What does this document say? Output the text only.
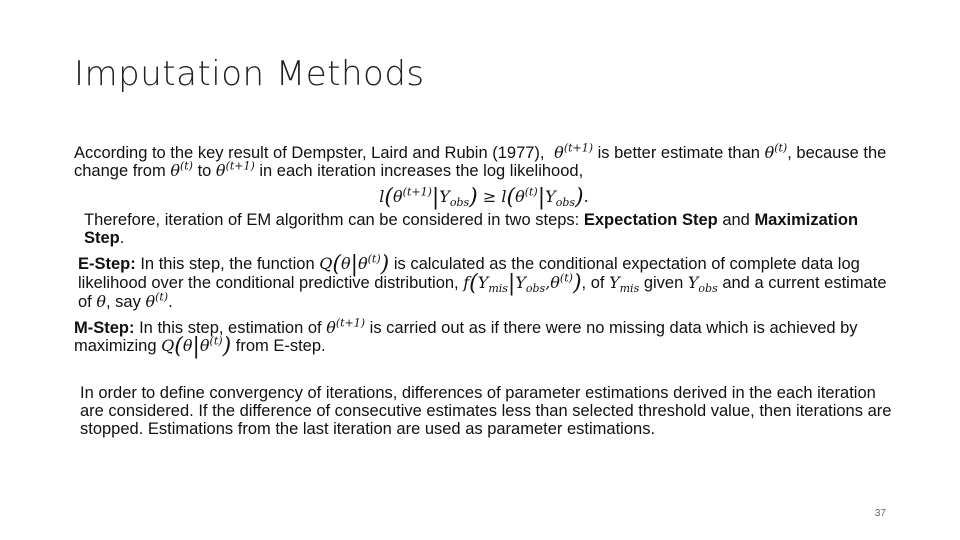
Imputation Methods

According to the key result of Dempster, Laird and Rubin (1977),  $\theta^{(t+1)}$ is better estimate than $\theta^{(t)}$, because the change from $\theta^{(t)}$ to $\theta^{(t+1)}$ in each iteration increases the log likelihood,

$l(\theta^{(t+1)}|Y_{obs}) \ge l(\theta^{(t)}|Y_{obs})$.

Therefore, iteration of EM algorithm can be considered in two steps: Expectation Step and Maximization Step.

E-Step: In this step, the function $Q(\theta|\theta^{(t)})$ is calculated as the conditional expectation of complete data log likelihood over the conditional predictive distribution, $f(Y_{mis}|Y_{obs},\theta^{(t)})$, of $Y_{mis}$ given $Y_{obs}$ and a current estimate of θ, say $\theta^{(t)}$.

M-Step: In this step, estimation of $\theta^{(t+1)}$ is carried out as if there were no missing data which is achieved by maximizing $Q(\theta|\theta^{(t)})$ from E-step.

In order to define convergency of iterations, differences of parameter estimations derived in the each iteration are considered. If the difference of consecutive estimates less than selected threshold value, then iterations are stopped. Estimations from the last iteration are used as parameter estimations.

37
